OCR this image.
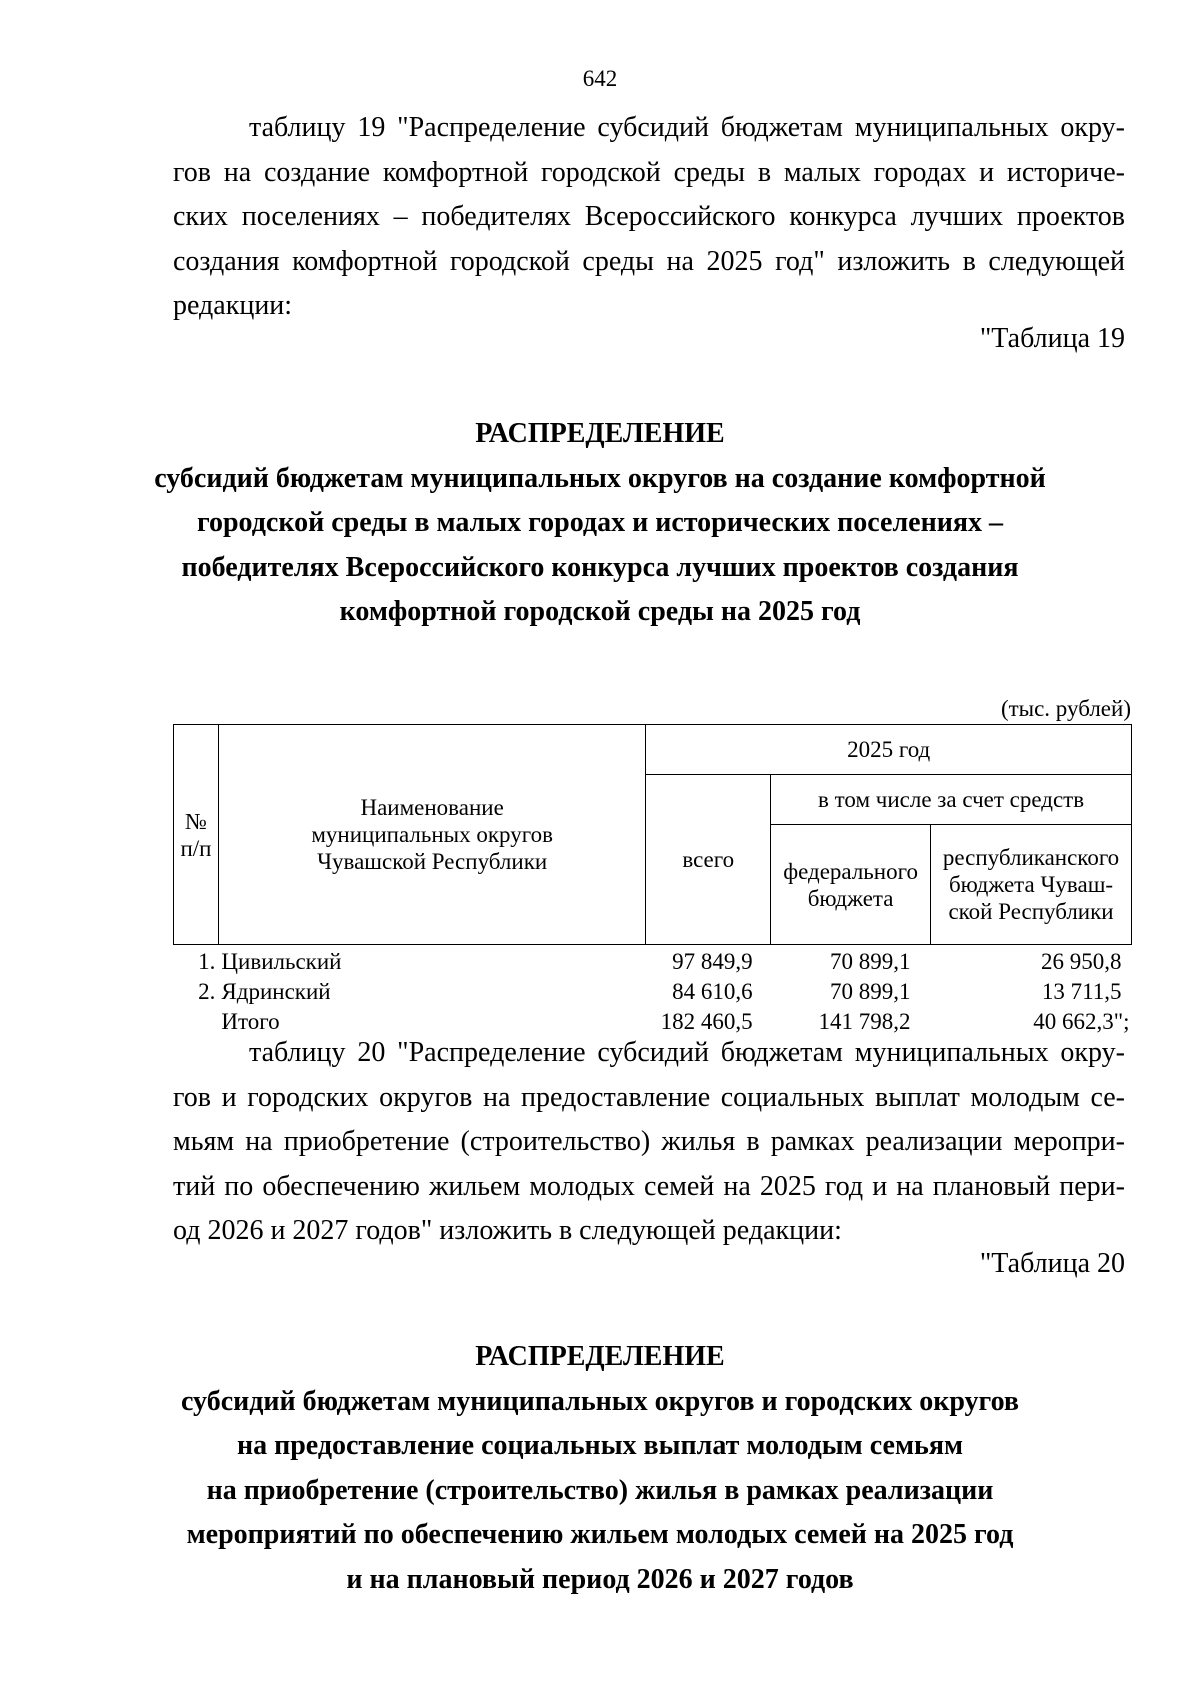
642

таблицу 19 "Распределение субсидий бюджетам муниципальных окру-
гов на создание комфортной городской среды в малых городах и историче-
ских поселениях – победителях Всероссийского конкурса лучших проектов
создания комфортной городской среды на 2025 год" изложить в следующей
редакции:

"Таблица 19
РАСПРЕДЕЛЕНИЕ
субсидий бюджетам муниципальных округов на создание комфортной
городской среды в малых городах и исторических поселениях –
победителях Всероссийского конкурса лучших проектов создания
комфортной городской среды на 2025 год
(тыс. рублей)
№ п/п	Наименование муниципальных округов Чувашской Республики	2025 год		
		всего	в том числе за счет средств	
			федерального бюджета	республиканского бюджета Чуваш-ской Республики
1.	Цивильский	97 849,9	70 899,1	26 950,8
2.	Ядринский	84 610,6	70 899,1	13 711,5
	Итого	182 460,5	141 798,2	40 662,3";

таблицу 20 "Распределение субсидий бюджетам муниципальных окру-
гов и городских округов на предоставление социальных выплат молодым се-
мьям на приобретение (строительство) жилья в рамках реализации меропри-
тий по обеспечению жильем молодых семей на 2025 год и на плановый пери-
од 2026 и 2027 годов" изложить в следующей редакции:

"Таблица 20
РАСПРЕДЕЛЕНИЕ
субсидий бюджетам муниципальных округов и городских округов
на предоставление социальных выплат молодым семьям
на приобретение (строительство) жилья в рамках реализации
мероприятий по обеспечению жильем молодых семей на 2025 год
и на плановый период 2026 и 2027 годов
